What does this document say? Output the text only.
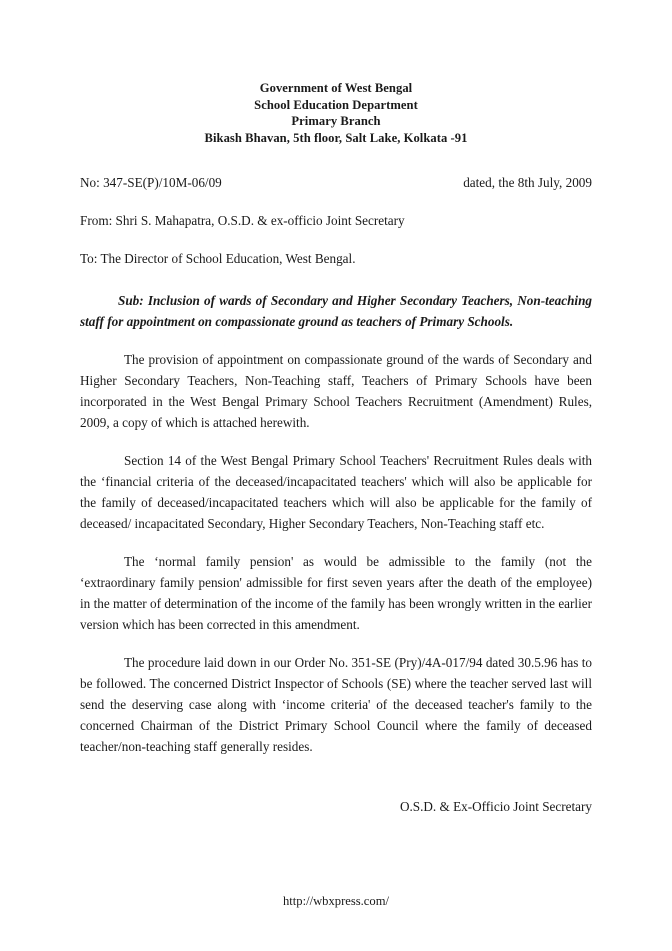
Government of West Bengal
School Education Department
Primary Branch
Bikash Bhavan, 5th floor, Salt Lake, Kolkata -91
No: 347-SE(P)/10M-06/09	dated, the 8th July, 2009
From: Shri S. Mahapatra, O.S.D. & ex-officio Joint Secretary
To: The Director of School Education, West Bengal.
Sub: Inclusion of wards of Secondary and Higher Secondary Teachers, Non-teaching staff for appointment on compassionate ground as teachers of Primary Schools.
The provision of appointment on compassionate ground of the wards of Secondary and Higher Secondary Teachers, Non-Teaching staff, Teachers of Primary Schools have been incorporated in the West Bengal Primary School Teachers Recruitment (Amendment) Rules, 2009, a copy of which is attached herewith.
Section 14 of the West Bengal Primary School Teachers' Recruitment Rules deals with the ‘financial criteria of the deceased/incapacitated teachers' which will also be applicable for the family of deceased/incapacitated teachers which will also be applicable for the family of deceased/ incapacitated Secondary, Higher Secondary Teachers, Non-Teaching staff etc.
The ‘normal family pension' as would be admissible to the family (not the ‘extraordinary family pension' admissible for first seven years after the death of the employee) in the matter of determination of the income of the family has been wrongly written in the earlier version which has been corrected in this amendment.
The procedure laid down in our Order No. 351-SE (Pry)/4A-017/94 dated 30.5.96 has to be followed. The concerned District Inspector of Schools (SE) where the teacher served last will send the deserving case along with ‘income criteria' of the deceased teacher's family to the concerned Chairman of the District Primary School Council where the family of deceased teacher/non-teaching staff generally resides.
O.S.D. & Ex-Officio Joint Secretary
http://wbxpress.com/
